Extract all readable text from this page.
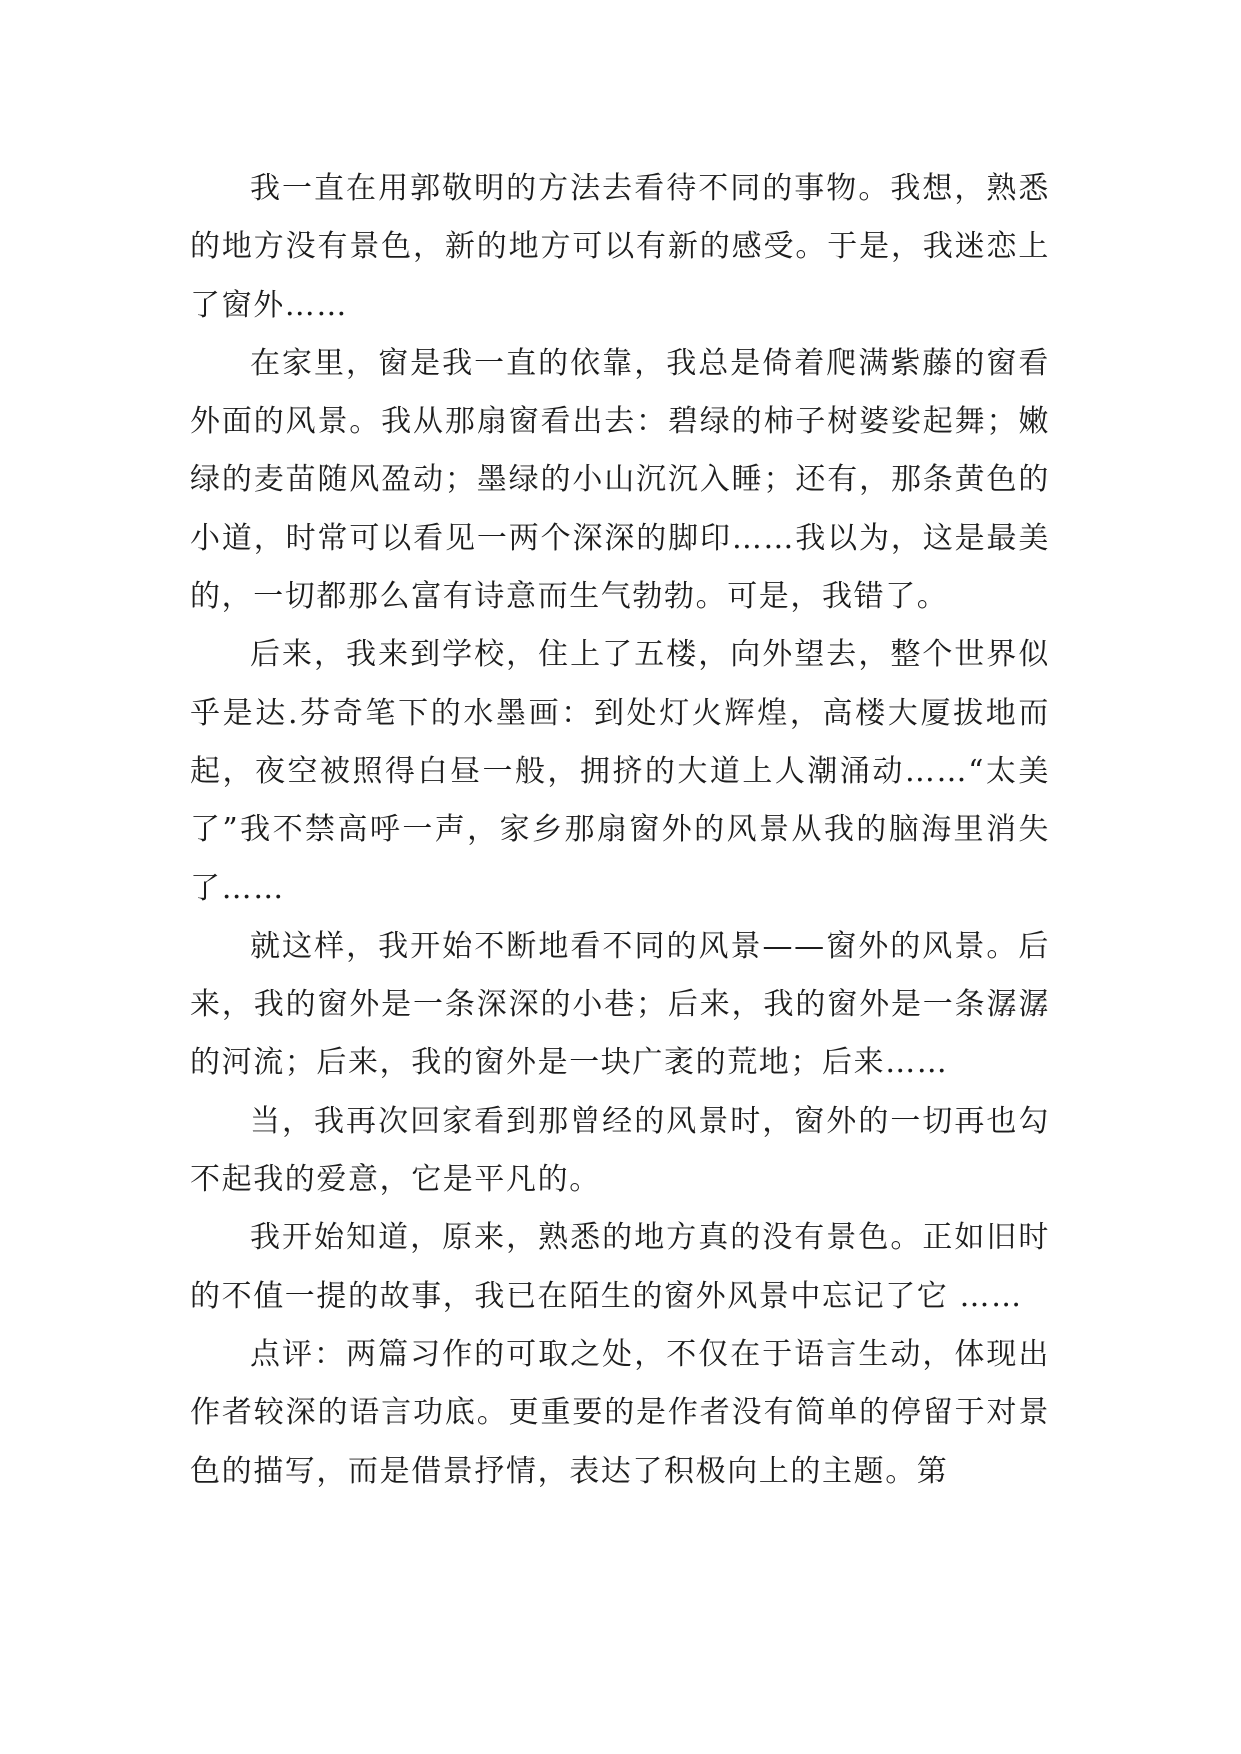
我一直在用郭敬明的方法去看待不同的事物。我想，熟悉的地方没有景色，新的地方可以有新的感受。于是，我迷恋上了窗外……

在家里，窗是我一直的依靠，我总是倚着爬满紫藤的窗看外面的风景。我从那扇窗看出去：碧绿的柿子树婆娑起舞；嫩绿的麦苗随风盈动；墨绿的小山沉沉入睡；还有，那条黄色的小道，时常可以看见一两个深深的脚印……我以为，这是最美的，一切都那么富有诗意而生气勃勃。可是，我错了。

后来，我来到学校，住上了五楼，向外望去，整个世界似乎是达.芬奇笔下的水墨画：到处灯火辉煌，高楼大厦拔地而起，夜空被照得白昼一般，拥挤的大道上人潮涌动……“太美了”我不禁高呼一声，家乡那扇窗外的风景从我的脑海里消失了……

就这样，我开始不断地看不同的风景——窗外的风景。后来，我的窗外是一条深深的小巷；后来，我的窗外是一条潺潺的河流；后来，我的窗外是一块广袤的荒地；后来……

当，我再次回家看到那曾经的风景时，窗外的一切再也勾不起我的爱意，它是平凡的。

我开始知道，原来，熟悉的地方真的没有景色。正如旧时的不值一提的故事，我已在陌生的窗外风景中忘记了它 ……

点评：两篇习作的可取之处，不仅在于语言生动，体现出作者较深的语言功底。更重要的是作者没有简单的停留于对景色的描写，而是借景抒情，表达了积极向上的主题。第
